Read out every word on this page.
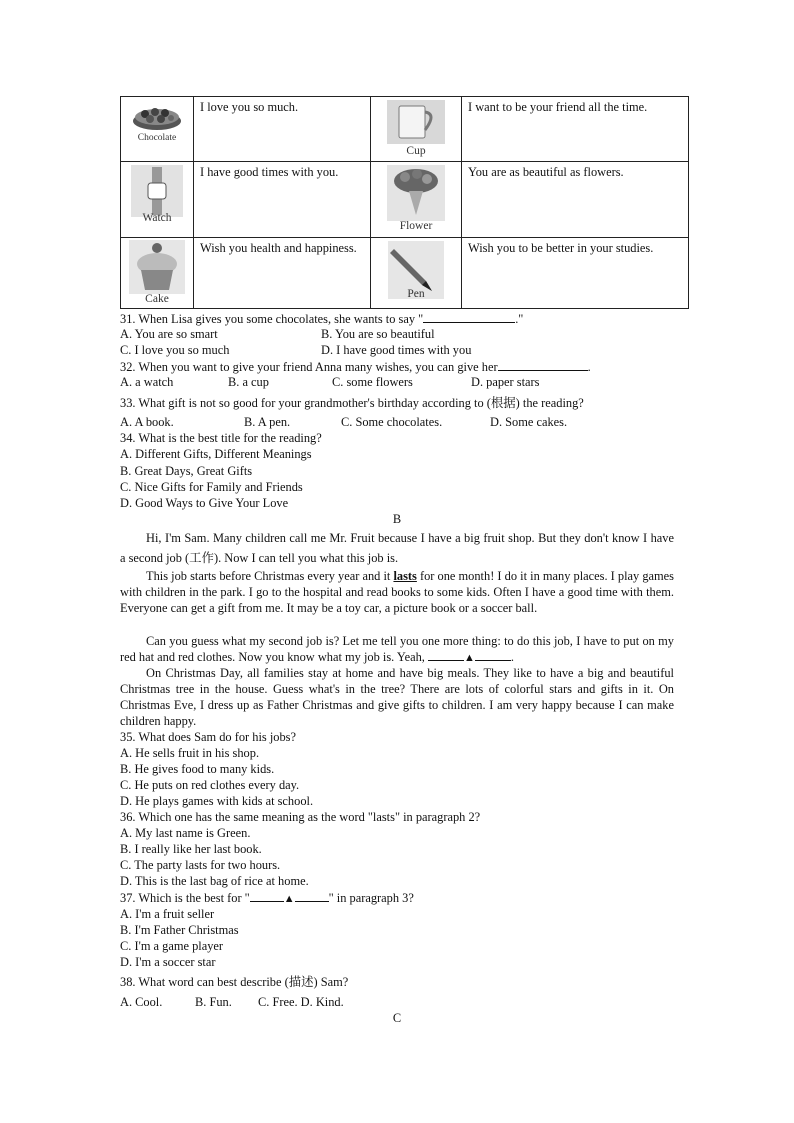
Chocolate	I love you so much.	Cup	I want to be your friend all the time.

Watch	I have good times with you.	Flower	You are as beautiful as flowers.

Cake	Wish you health and happiness.	Pen	Wish you to be better in your studies.
31. When Lisa gives you some chocolates, she wants to say "	."
A. You are so smart	B. You are so beautiful
C. I love you so much	D. I have good times with you
32. When you want to give your friend Anna many wishes, you can give her	.
A. a watch	B. a cup	C. some flowers	D. paper stars
33. What gift is not so good for your grandmother's birthday according to (根据) the reading?
A. A book.	B. A pen.	C. Some chocolates.	D. Some cakes.
34. What is the best title for the reading?
A. Different Gifts, Different Meanings
B. Great Days, Great Gifts
C. Nice Gifts for Family and Friends
D. Good Ways to Give Your Love
B
Hi, I'm Sam. Many children call me Mr. Fruit because I have a big fruit shop. But they don't know I have a second job (工作). Now I can tell you what this job is.
This job starts before Christmas every year and it lasts for one month! I do it in many places. I play games with children in the park. I go to the hospital and read books to some kids. Often I have a good time with them. Everyone can get a gift from me. It may be a toy car, a picture book or a soccer ball.
Can you guess what my second job is? Let me tell you one more thing: to do this job, I have to put on my red hat and red clothes. Now you know what my job is. Yeah,	▲	.
On Christmas Day, all families stay at home and have big meals. They like to have a big and beautiful Christmas tree in the house. Guess what's in the tree? There are lots of colorful stars and gifts in it. On Christmas Eve, I dress up as Father Christmas and give gifts to children. I am very happy because I can make children happy.
35. What does Sam do for his jobs?
A. He sells fruit in his shop.
B. He gives food to many kids.
C. He puts on red clothes every day.
D. He plays games with kids at school.
36. Which one has the same meaning as the word "lasts" in paragraph 2?
A. My last name is Green.
B. I really like her last book.
C. The party lasts for two hours.
D. This is the last bag of rice at home.
37. Which is the best for "	▲	" in paragraph 3?
A. I'm a fruit seller
B. I'm Father Christmas
C. I'm a game player
D. I'm a soccer star
38. What word can best describe (描述) Sam?
A. Cool.	B. Fun. C. Free. D. Kind.
C
